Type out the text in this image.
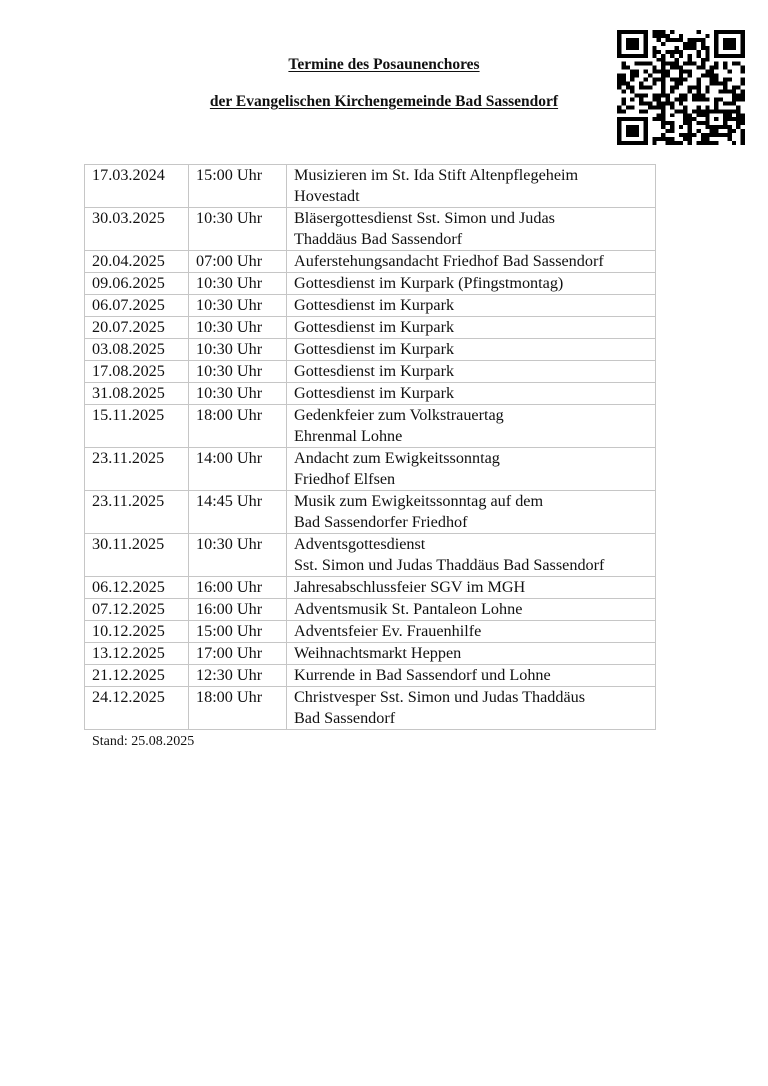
Termine des Posaunenchores
der Evangelischen Kirchengemeinde Bad Sassendorf
17.03.2024	15:00 Uhr	Musizieren im St. Ida Stift Altenpflegeheim
Hovestadt

30.03.2025	10:30 Uhr	Bläsergottesdienst Sst. Simon und Judas
Thaddäus Bad Sassendorf

20.04.2025	07:00 Uhr	Auferstehungsandacht Friedhof Bad Sassendorf

09.06.2025	10:30 Uhr	Gottesdienst im Kurpark (Pfingstmontag)

06.07.2025	10:30 Uhr	Gottesdienst im Kurpark

20.07.2025	10:30 Uhr	Gottesdienst im Kurpark

03.08.2025	10:30 Uhr	Gottesdienst im Kurpark

17.08.2025	10:30 Uhr	Gottesdienst im Kurpark

31.08.2025	10:30 Uhr	Gottesdienst im Kurpark

15.11.2025	18:00 Uhr	Gedenkfeier zum Volkstrauertag
Ehrenmal Lohne

23.11.2025	14:00 Uhr	Andacht zum Ewigkeitssonntag
Friedhof Elfsen

23.11.2025	14:45 Uhr	Musik zum Ewigkeitssonntag auf dem
Bad Sassendorfer Friedhof

30.11.2025	10:30 Uhr	Adventsgottesdienst
Sst. Simon und Judas Thaddäus Bad Sassendorf

06.12.2025	16:00 Uhr	Jahresabschlussfeier SGV im MGH

07.12.2025	16:00 Uhr	Adventsmusik St. Pantaleon Lohne

10.12.2025	15:00 Uhr	Adventsfeier Ev. Frauenhilfe

13.12.2025	17:00 Uhr	Weihnachtsmarkt Heppen

21.12.2025	12:30 Uhr	Kurrende in Bad Sassendorf und Lohne

24.12.2025	18:00 Uhr	Christvesper Sst. Simon und Judas Thaddäus
Bad Sassendorf
Stand: 25.08.2025
